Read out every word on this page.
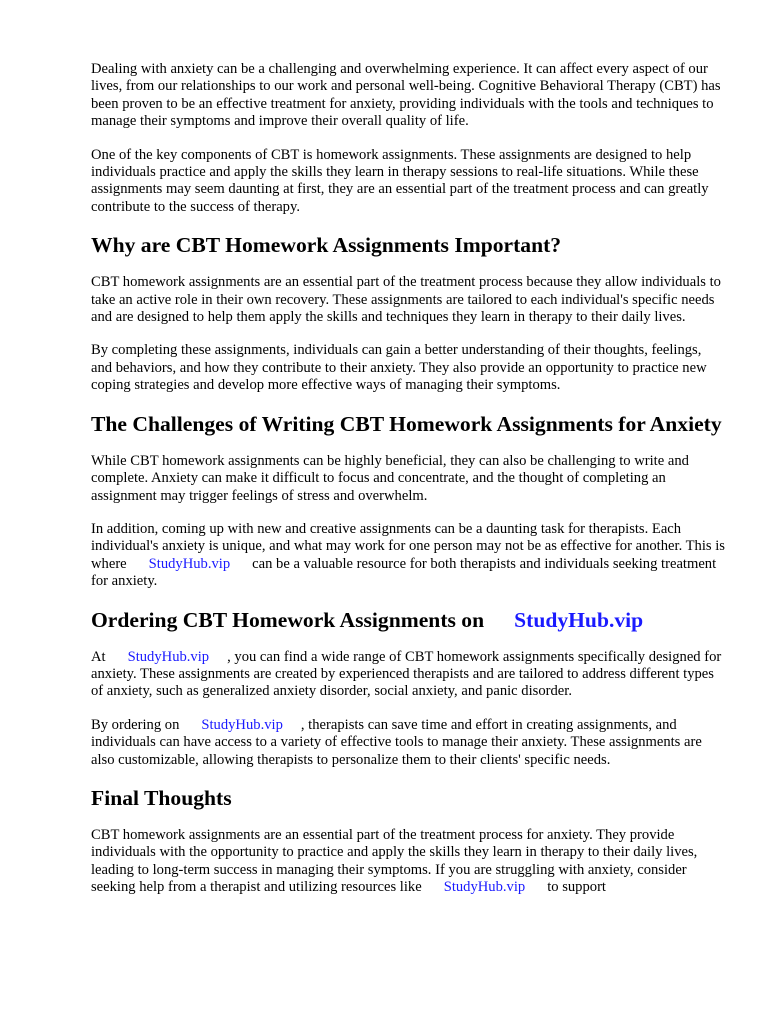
Dealing with anxiety can be a challenging and overwhelming experience. It can affect every aspect of our lives, from our relationships to our work and personal well-being. Cognitive Behavioral Therapy (CBT) has been proven to be an effective treatment for anxiety, providing individuals with the tools and techniques to manage their symptoms and improve their overall quality of life.

One of the key components of CBT is homework assignments. These assignments are designed to help individuals practice and apply the skills they learn in therapy sessions to real-life situations. While these assignments may seem daunting at first, they are an essential part of the treatment process and can greatly contribute to the success of therapy.

Why are CBT Homework Assignments Important?

CBT homework assignments are an essential part of the treatment process because they allow individuals to take an active role in their own recovery. These assignments are tailored to each individual's specific needs and are designed to help them apply the skills and techniques they learn in therapy to their daily lives.

By completing these assignments, individuals can gain a better understanding of their thoughts, feelings, and behaviors, and how they contribute to their anxiety. They also provide an opportunity to practice new coping strategies and develop more effective ways of managing their symptoms.

The Challenges of Writing CBT Homework Assignments for Anxiety

While CBT homework assignments can be highly beneficial, they can also be challenging to write and complete. Anxiety can make it difficult to focus and concentrate, and the thought of completing an assignment may trigger feelings of stress and overwhelm.

In addition, coming up with new and creative assignments can be a daunting task for therapists. Each individual's anxiety is unique, and what may work for one person may not be as effective for another. This is where StudyHub.vip can be a valuable resource for both therapists and individuals seeking treatment for anxiety.

Ordering CBT Homework Assignments on StudyHub.vip

At StudyHub.vip , you can find a wide range of CBT homework assignments specifically designed for anxiety. These assignments are created by experienced therapists and are tailored to address different types of anxiety, such as generalized anxiety disorder, social anxiety, and panic disorder.

By ordering on StudyHub.vip , therapists can save time and effort in creating assignments, and individuals can have access to a variety of effective tools to manage their anxiety. These assignments are also customizable, allowing therapists to personalize them to their clients' specific needs.

Final Thoughts

CBT homework assignments are an essential part of the treatment process for anxiety. They provide individuals with the opportunity to practice and apply the skills they learn in therapy to their daily lives, leading to long-term success in managing their symptoms. If you are struggling with anxiety, consider seeking help from a therapist and utilizing resources like StudyHub.vip to support
